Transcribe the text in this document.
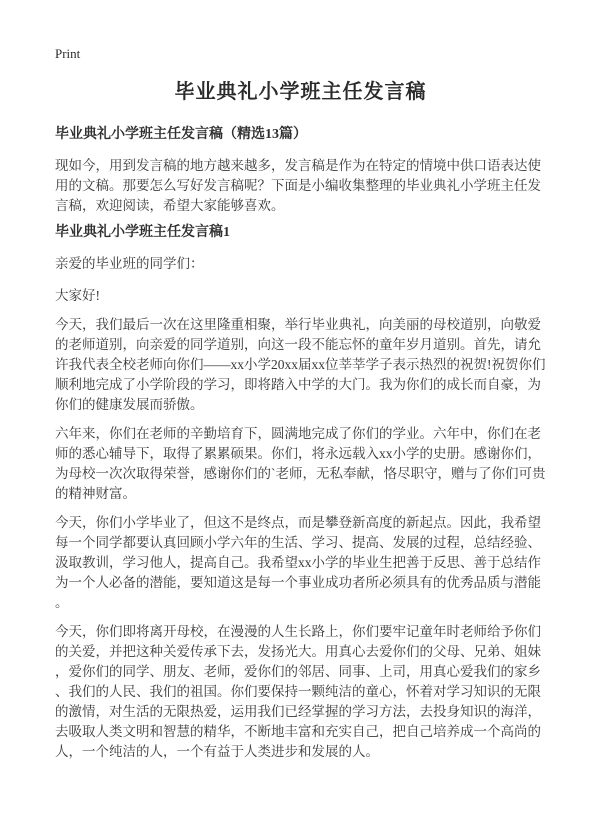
Print
毕业典礼小学班主任发言稿
毕业典礼小学班主任发言稿（精选13篇）

现如今，用到发言稿的地方越来越多，发言稿是作为在特定的情境中供口语表达使用的文稿。那要怎么写好发言稿呢？下面是小编收集整理的毕业典礼小学班主任发言稿，欢迎阅读，希望大家能够喜欢。

毕业典礼小学班主任发言稿1

亲爱的毕业班的同学们：

大家好!

今天，我们最后一次在这里隆重相聚，举行毕业典礼，向美丽的母校道别，向敬爱的老师道别，向亲爱的同学道别，向这一段不能忘怀的童年岁月道别。首先，请允许我代表全校老师向你们——xx小学20xx届xx位莘莘学子表示热烈的祝贺!祝贺你们顺利地完成了小学阶段的学习，即将踏入中学的大门。我为你们的成长而自豪，为你们的健康发展而骄傲。

六年来，你们在老师的辛勤培育下，圆满地完成了你们的学业。六年中，你们在老师的悉心辅导下，取得了累累硕果。你们，将永远载入xx小学的史册。感谢你们，为母校一次次取得荣誉，感谢你们的`老师，无私奉献，恪尽职守，赠与了你们可贵的精神财富。

今天，你们小学毕业了，但这不是终点，而是攀登新高度的新起点。因此，我希望每一个同学都要认真回顾小学六年的生活、学习、提高、发展的过程，总结经验、汲取教训，学习他人，提高自己。我希望xx小学的毕业生把善于反思、善于总结作为一个人必备的潜能，要知道这是每一个事业成功者所必须具有的优秀品质与潜能。

今天，你们即将离开母校，在漫漫的人生长路上，你们要牢记童年时老师给予你们的关爱，并把这种关爱传承下去，发扬光大。用真心去爱你们的父母、兄弟、姐妹，爱你们的同学、朋友、老师，爱你们的邻居、同事、上司，用真心爱我们的家乡、我们的人民、我们的祖国。你们要保持一颗纯洁的童心，怀着对学习知识的无限的激情，对生活的无限热爱，运用我们已经掌握的学习方法，去投身知识的海洋，去吸取人类文明和智慧的精华，不断地丰富和充实自己，把自己培养成一个高尚的人，一个纯洁的人，一个有益于人类进步和发展的人。
